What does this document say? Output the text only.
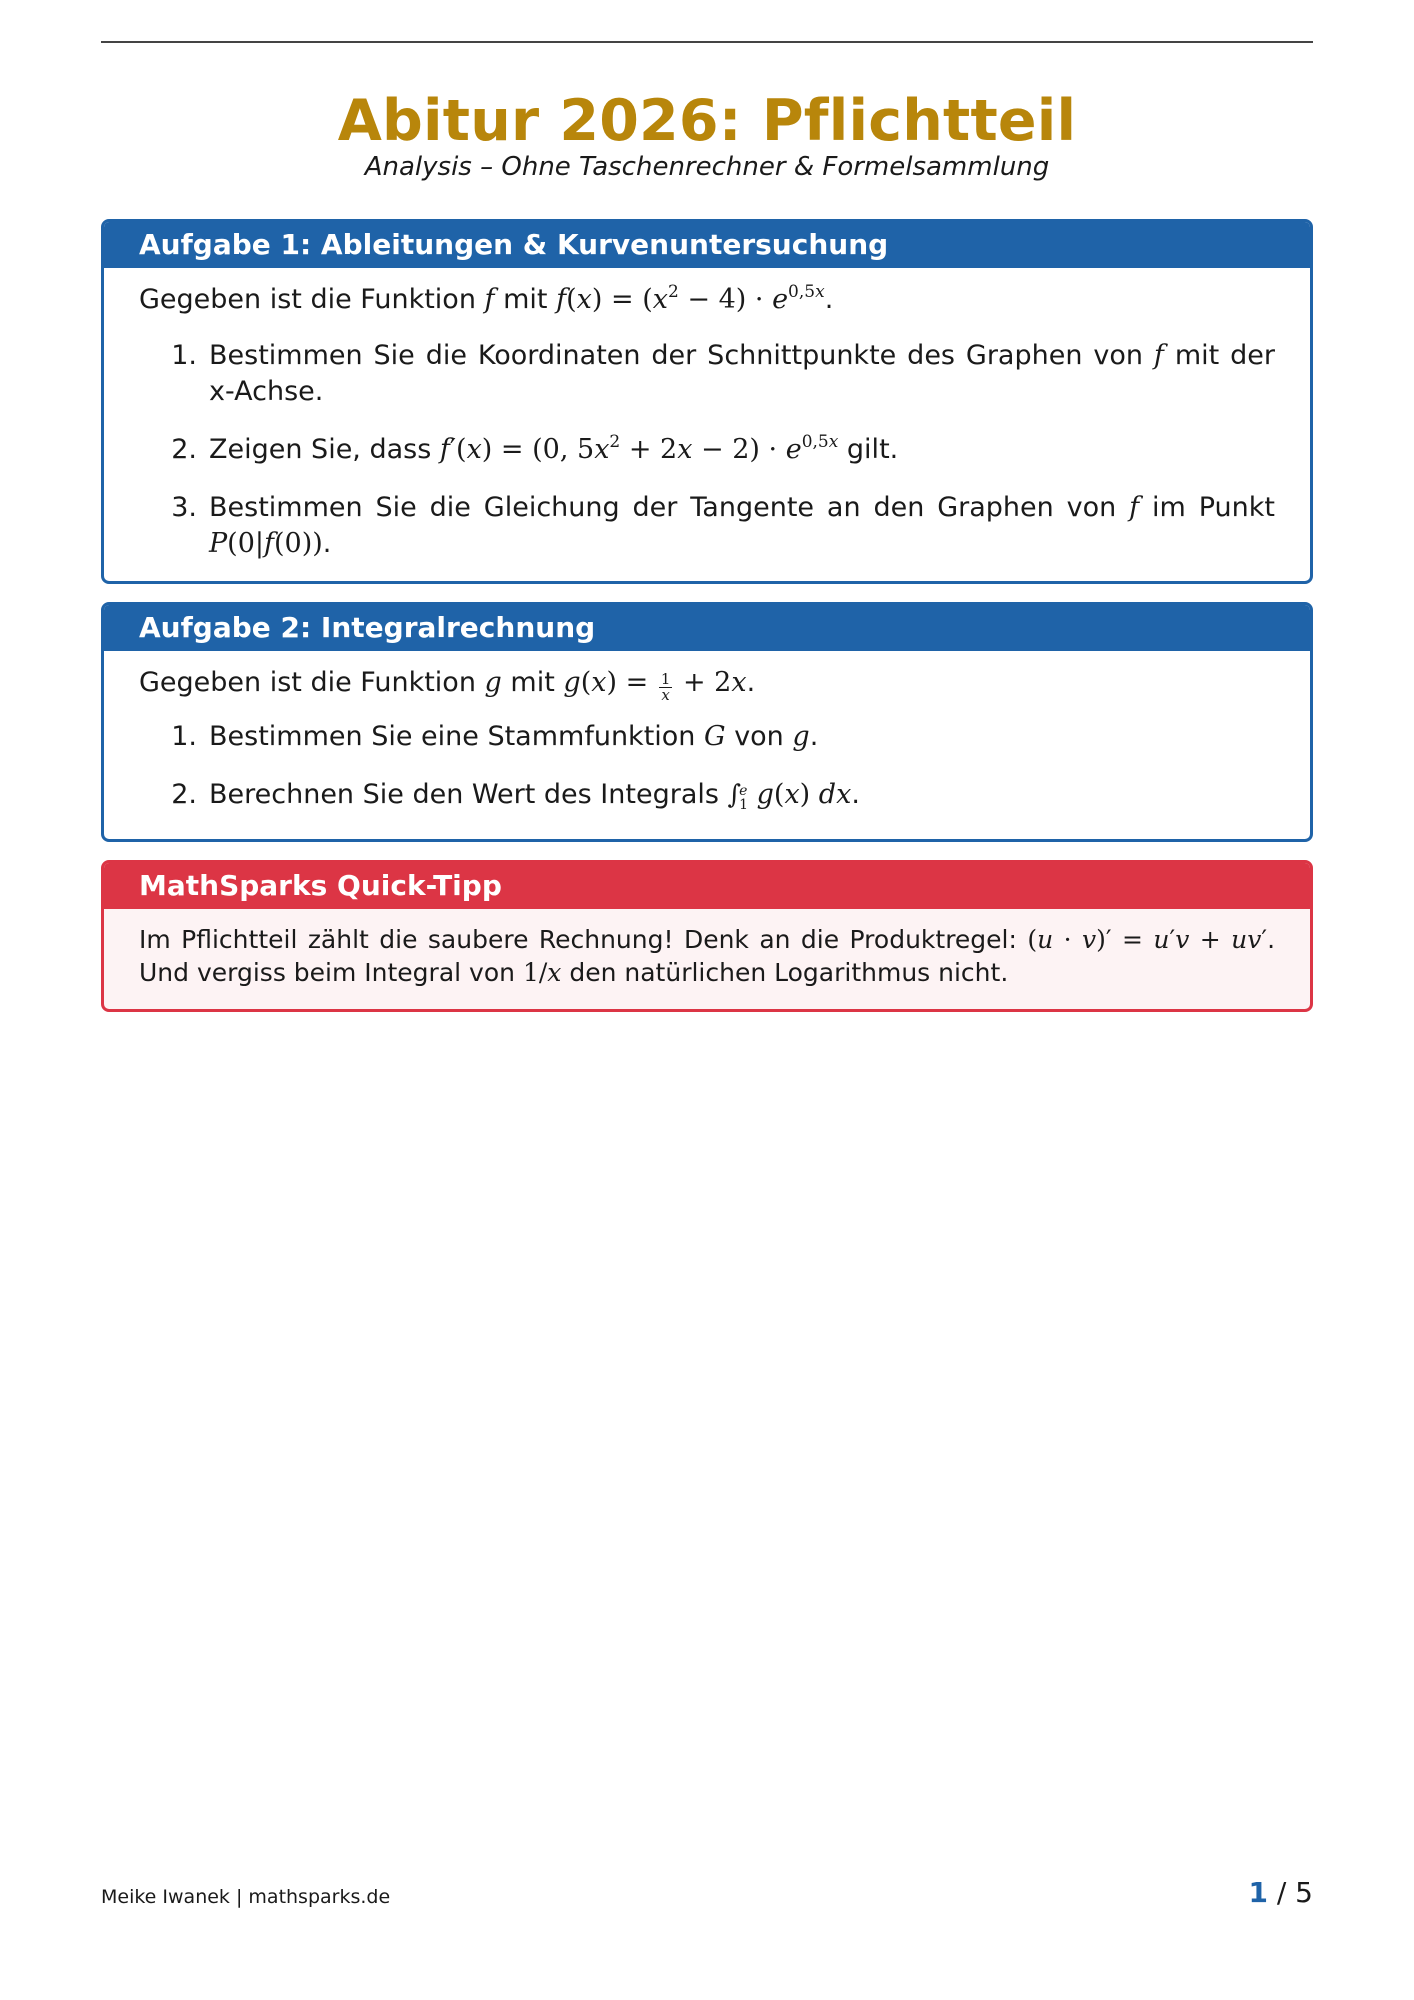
Abitur 2026: Pflichtteil
Analysis – Ohne Taschenrechner & Formelsammlung
Aufgabe 1: Ableitungen & Kurvenuntersuchung

Gegeben ist die Funktion f mit $f(x) = (x^2 - 4) \cdot e^{0,5x}$.

1. Bestimmen Sie die Koordinaten der Schnittpunkte des Graphen von f mit der x-Achse.
2. Zeigen Sie, dass f′(x) = (0, $5x^2 + 2x - 2) \cdot e^{0,5x}$ gilt.
3. Bestimmen Sie die Gleichung der Tangente an den Graphen von f im Punkt P(0|f(0)).
Aufgabe 2: Integralrechnung

Gegeben ist die Funktion g mit $g(x) = \frac{1}{x} + 2x$.

1. Bestimmen Sie eine Stammfunktion G von g.
2. Berechnen Sie den Wert des Integrals ∫
e
1 g(x) dx.
MathSparks Quick-Tipp
Im Pflichtteil zählt die saubere Rechnung! Denk an die Produktregel: (u · v)′ = u′v + uv′. Und vergiss beim Integral von 1/x den natürlichen Logarithmus nicht.
Meike Iwanek | mathsparks.de	1 / 5
